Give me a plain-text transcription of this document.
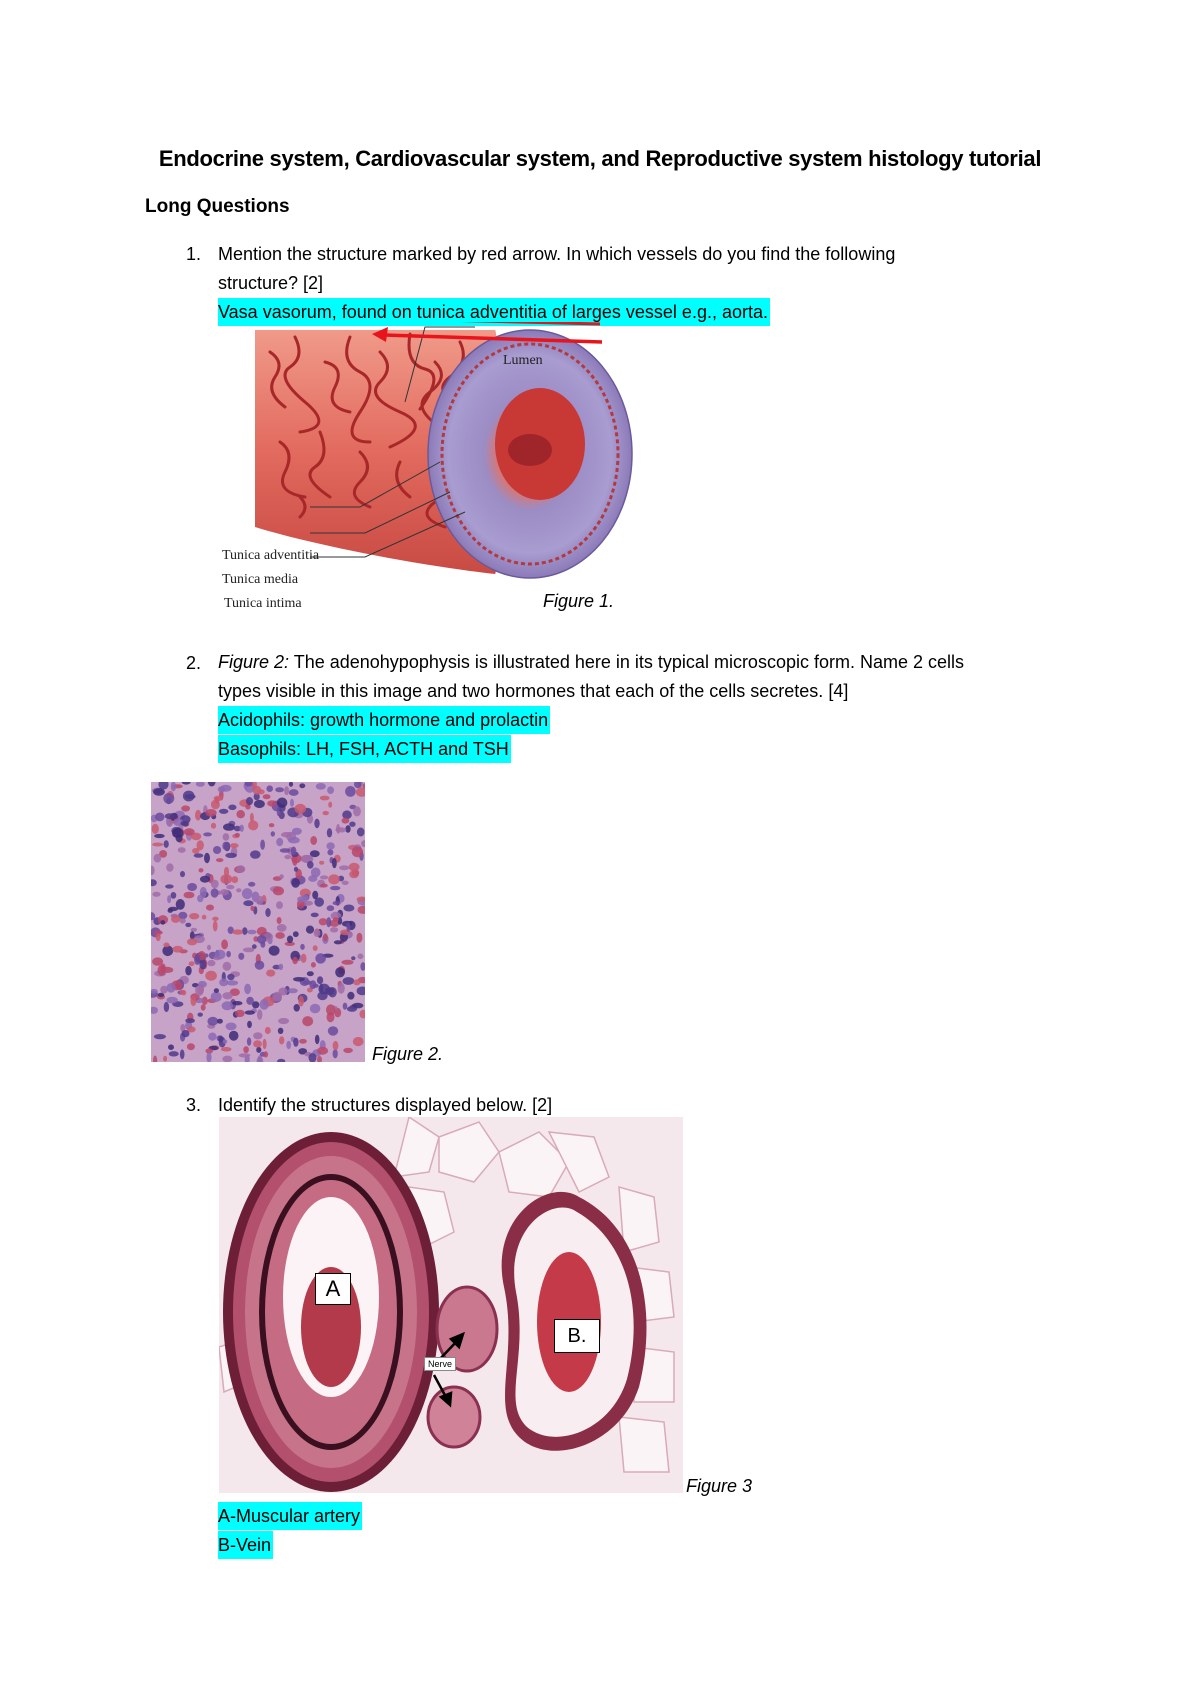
Endocrine system, Cardiovascular system, and Reproductive system histology tutorial
Long Questions
1. Mention the structure marked by red arrow. In which vessels do you find the following
structure? [2]
Vasa vasorum, found on tunica adventitia of larges vessel e.g., aorta.
Lumen
Tunica adventitia
Tunica media
Tunica intima	Figure 1.
2. Figure 2: The adenohypophysis is illustrated here in its typical microscopic form. Name 2 cells
types visible in this image and two hormones that each of the cells secretes. [4]
Acidophils: growth hormone and prolactin
Basophils: LH, FSH, ACTH and TSH
Figure 2.
3. Identify the structures displayed below. [2]
A
B.
Nerve
Figure 3
A-Muscular artery
B-Vein
